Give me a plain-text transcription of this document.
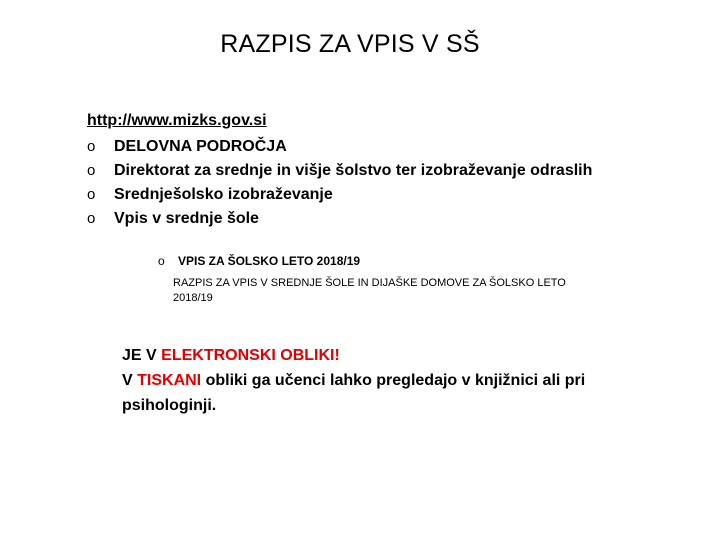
RAZPIS ZA VPIS V SŠ
http://www.mizks.gov.si
o	DELOVNA PODROČJA
o	Direktorat za srednje in višje šolstvo ter izobraževanje odraslih
o	Srednješolsko izobraževanje
o	Vpis v srednje šole
o	VPIS ZA ŠOLSKO LETO 2018/19
RAZPIS ZA VPIS V SREDNJE ŠOLE IN DIJAŠKE DOMOVE ZA ŠOLSKO LETO 2018/19
JE V ELEKTRONSKI OBLIKI!
V TISKANI obliki ga učenci lahko pregledajo v knjižnici ali pri psihologinji.
